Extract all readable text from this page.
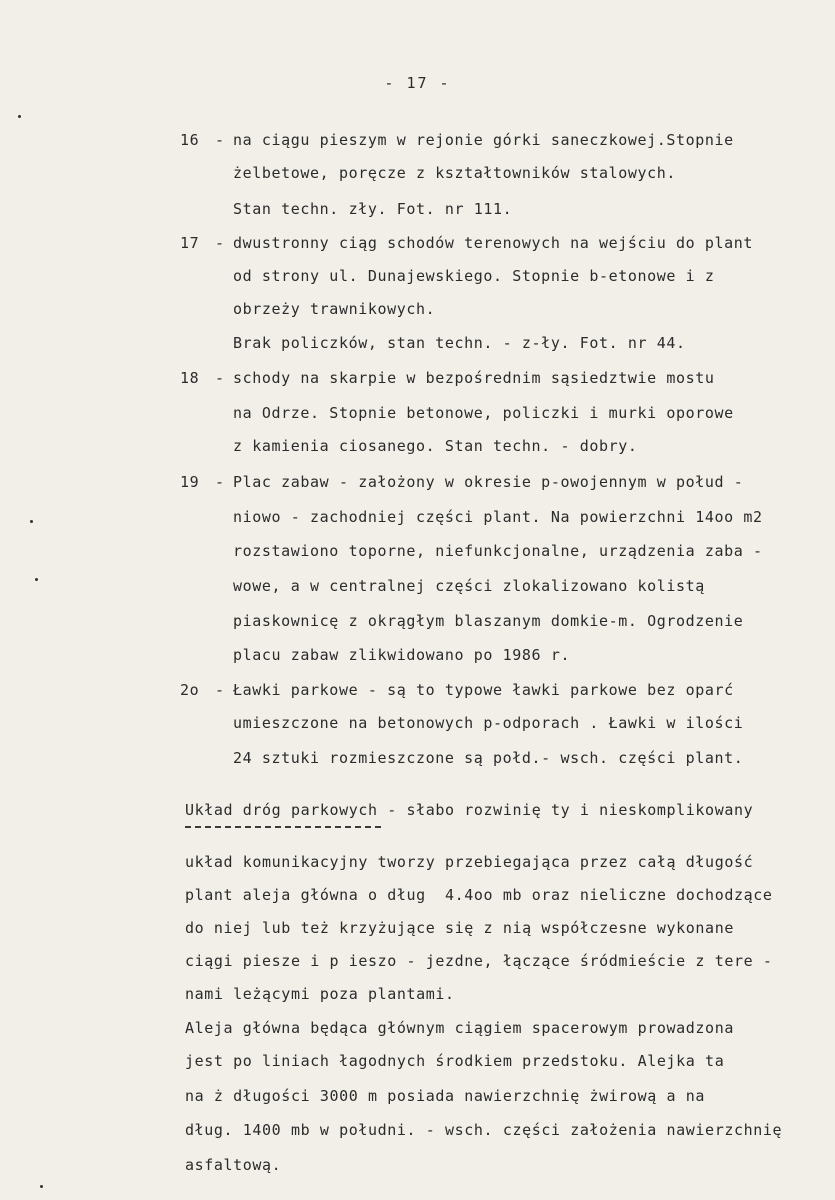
- 17 -
16 - na ciągu pieszym w rejonie górki saneczkowej.Stopnie
żelbetowe, poręcze z kształtowników stalowych.
Stan techn. zły. Fot. nr 111.
17 - dwustronny ciąg schodów terenowych na wejściu do plant
od strony ul. Dunajewskiego. Stopnie b-etonowe i z
obrzeży trawnikowych.
Brak policzków, stan techn. - z-ły. Fot. nr 44.
18 - schody na skarpie w bezpośrednim sąsiedztwie mostu
na Odrze. Stopnie betonowe, policzki i murki oporowe
z kamienia ciosanego. Stan techn. - dobry.
19 - Plac zabaw - założony w okresie p-owojennym w połud -
niowo - zachodniej części plant. Na powierzchni 14oo m2
rozstawiono toporne, niefunkcjonalne, urządzenia zaba -
wowe, a w centralnej części zlokalizowano kolistą
piaskownicę z okrągłym blaszanym domkie-m. Ogrodzenie
placu zabaw zlikwidowano po 1986 r.
2o - Ławki parkowe - są to typowe ławki parkowe bez oparć
umieszczone na betonowych p-odporach . Ławki w ilości
24 sztuki rozmieszczone są połd.- wsch. części plant.
Układ dróg parkowych - słabo rozwinię ty i nieskomplikowany
układ komunikacyjny tworzy przebiegająca przez całą długość
plant aleja główna o dług  4.4oo mb oraz nieliczne dochodzące
do niej lub też krzyżujące się z nią współczesne wykonane
ciągi piesze i p ieszo - jezdne, łączące śródmieście z tere -
nami leżącymi poza plantami.
Aleja główna będąca głównym ciągiem spacerowym prowadzona
jest po liniach łagodnych środkiem przedstoku. Alejka ta
na ż długości 3000 m posiada nawierzchnię żwirową a na
dług. 1400 mb w południ. - wsch. części założenia nawierzchnię
asfaltową.
